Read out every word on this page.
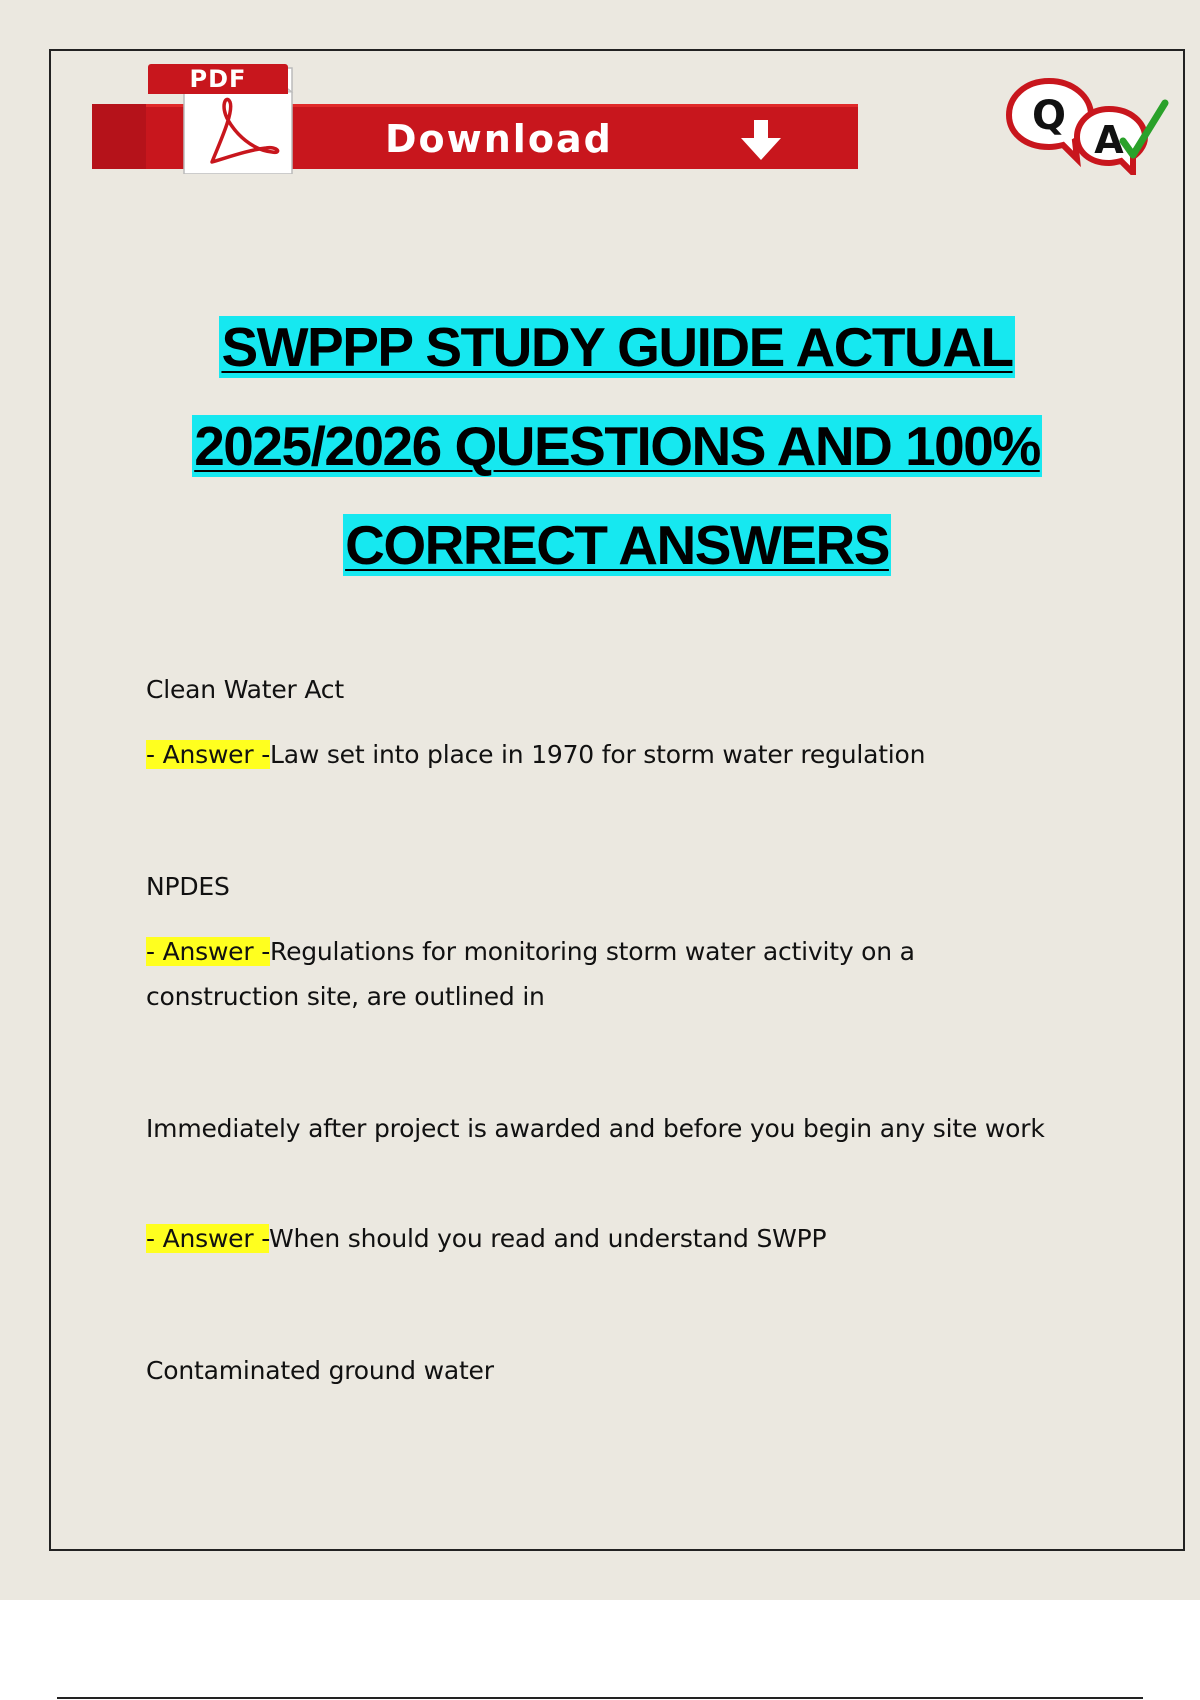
Download
PDF
Q
A
SWPPP STUDY GUIDE ACTUAL
2025/2026 QUESTIONS AND 100%
CORRECT ANSWERS
Clean Water Act
- Answer -Law set into place in 1970 for storm water regulation
NPDES
- Answer -Regulations for monitoring storm water activity on a construction site, are outlined in
Immediately after project is awarded and before you begin any site work
- Answer -When should you read and understand SWPP
Contaminated ground water
